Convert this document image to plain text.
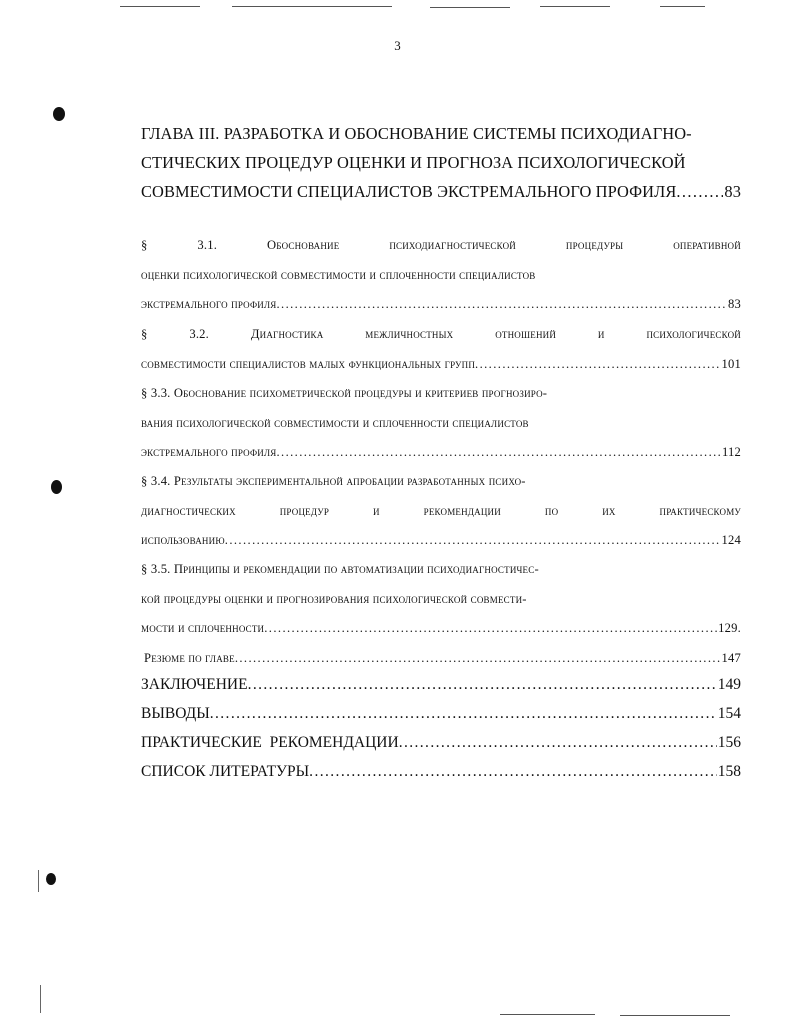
3
ГЛАВА III. РАЗРАБОТКА И ОБОСНОВАНИЕ СИСТЕМЫ ПСИХОДИАГНО-
СТИЧЕСКИХ ПРОЦЕДУР ОЦЕНКИ И ПРОГНОЗА ПСИХОЛОГИЧЕСКОЙ
СОВМЕСТИМОСТИ СПЕЦИАЛИСТОВ ЭКСТРЕМАЛЬНОГО ПРОФИЛЯ .....	83
§	3.1.	Обоснование	психодиагностической	процедуры	оперативной
оценки психологической совместимости и сплоченности специалистов
экстремального профиля .....	83
§	3.2.	Диагностика	межличностных	отношений	и	психологической
совместимости специалистов малых функциональных групп .....	101
§ 3.3. Обоснование психометрической процедуры и критериев прогнозиро-
вания психологической совместимости и сплоченности специалистов
экстремального профиля .....	112
§ 3.4. Результаты экспериментальной апробации разработанных психо-
диагностических	процедур	и	рекомендации	по	их	практическому
использованию .....	124
§ 3.5. Принципы и рекомендации по автоматизации психодиагностичес-
кой процедуры оценки и прогнозирования психологической совмести-
мости и сплоченности .....	129.
Резюме по главе .....	147
ЗАКЛЮЧЕНИЕ .....	149
ВЫВОДЫ .....	154
ПРАКТИЧЕСКИЕ  РЕКОМЕНДАЦИИ .....	156
СПИСОК ЛИТЕРАТУРЫ .....	158
